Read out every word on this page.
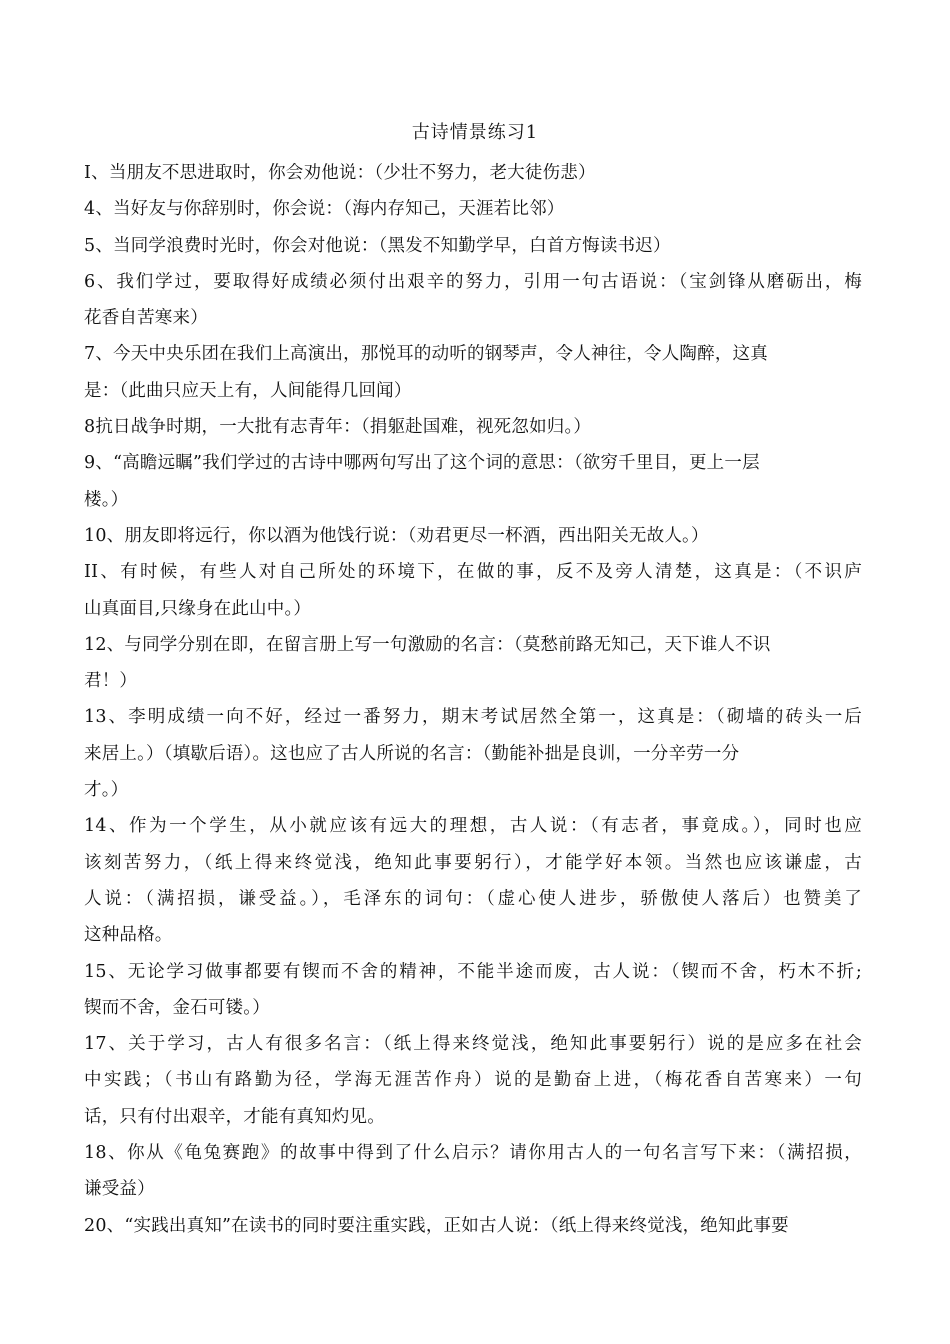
古诗情景练习1
I、当朋友不思进取时，你会劝他说：（少壮不努力，老大徒伤悲）
4、当好友与你辞别时，你会说：（海内存知己，天涯若比邻）
5、当同学浪费时光时，你会对他说：（黑发不知勤学早，白首方悔读书迟）
6、我们学过，要取得好成绩必须付出艰辛的努力，引用一句古语说：（宝剑锋从磨砺出，梅
花香自苦寒来）
7、今天中央乐团在我们上高演出，那悦耳的动听的钢琴声，令人神往，令人陶醉，这真
是：（此曲只应天上有，人间能得几回闻）
8抗日战争时期，一大批有志青年：（捐躯赴国难，视死忽如归。）
9、“高瞻远瞩”我们学过的古诗中哪两句写出了这个词的意思：（欲穷千里目，更上一层
楼。）
10、朋友即将远行，你以酒为他饯行说：（劝君更尽一杯酒，西出阳关无故人。）
II、有时候，有些人对自己所处的环境下，在做的事，反不及旁人清楚，这真是：（不识庐
山真面目,只缘身在此山中。）
12、与同学分别在即，在留言册上写一句激励的名言：（莫愁前路无知己，天下谁人不识
君！）
13、李明成绩一向不好，经过一番努力，期末考试居然全第一，这真是：（砌墙的砖头一后
来居上。）（填歇后语）。这也应了古人所说的名言：（勤能补拙是良训，一分辛劳一分
才。）
14、作为一个学生，从小就应该有远大的理想，古人说：（有志者，事竟成。），同时也应
该刻苦努力，（纸上得来终觉浅，绝知此事要躬行），才能学好本领。当然也应该谦虚，古
人说：（满招损，谦受益。），毛泽东的词句：（虚心使人进步，骄傲使人落后）也赞美了
这种品格。
15、无论学习做事都要有锲而不舍的精神，不能半途而废，古人说：（锲而不舍，朽木不折;
锲而不舍，金石可镂。）
17、关于学习，古人有很多名言：（纸上得来终觉浅，绝知此事要躬行）说的是应多在社会
中实践；（书山有路勤为径，学海无涯苦作舟）说的是勤奋上进，（梅花香自苦寒来）一句
话，只有付出艰辛，才能有真知灼见。
18、你从《龟兔赛跑》的故事中得到了什么启示？请你用古人的一句名言写下来：（满招损，
谦受益）
20、“实践出真知”在读书的同时要注重实践，正如古人说：（纸上得来终觉浅，绝知此事要
